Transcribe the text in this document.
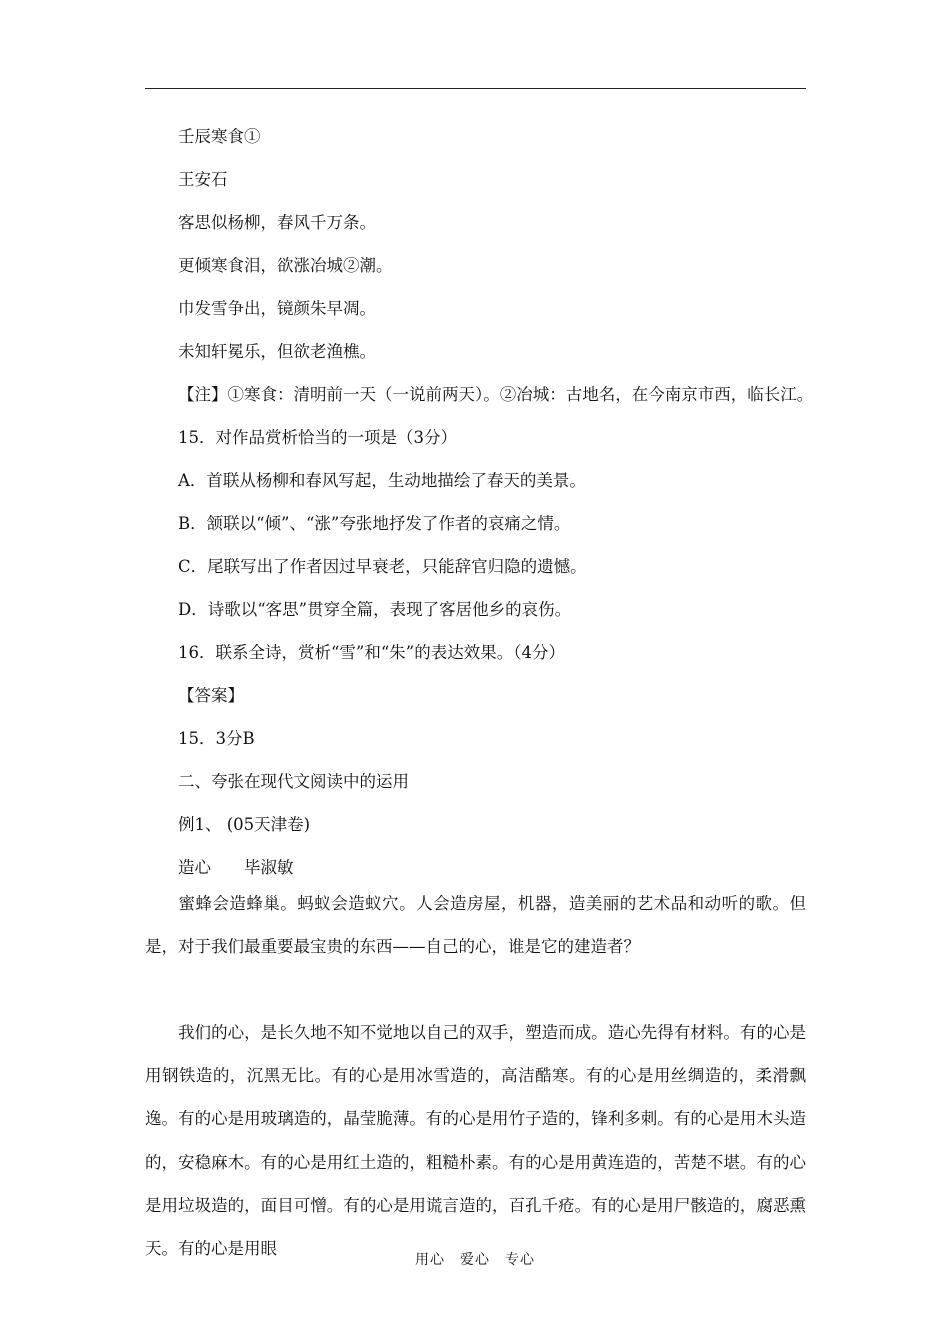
壬辰寒食①
王安石
客思似杨柳，春风千万条。
更倾寒食泪，欲涨冶城②潮。
巾发雪争出，镜颜朱早凋。
未知轩冕乐，但欲老渔樵。
【注】①寒食：清明前一天（一说前两天）。②冶城：古地名，在今南京市西，临长江。
15．对作品赏析恰当的一项是（3分）
A．首联从杨柳和春风写起，生动地描绘了春天的美景。
B．颔联以“倾”、“涨”夸张地抒发了作者的哀痛之情。
C．尾联写出了作者因过早衰老，只能辞官归隐的遗憾。
D．诗歌以“客思”贯穿全篇，表现了客居他乡的哀伤。
16．联系全诗，赏析“雪”和“朱”的表达效果。（4分）
【答案】
15．3分B
二、夸张在现代文阅读中的运用
例1、 (05天津卷)
造心　　毕淑敏
蜜蜂会造蜂巢。蚂蚁会造蚁穴。人会造房屋，机器，造美丽的艺术品和动听的歌。但是，对于我们最重要最宝贵的东西——自己的心，谁是它的建造者？
我们的心，是长久地不知不觉地以自己的双手，塑造而成。造心先得有材料。有的心是用钢铁造的，沉黑无比。有的心是用冰雪造的，高洁酷寒。有的心是用丝绸造的，柔滑飘逸。有的心是用玻璃造的，晶莹脆薄。有的心是用竹子造的，锋利多刺。有的心是用木头造的，安稳麻木。有的心是用红土造的，粗糙朴素。有的心是用黄连造的，苦楚不堪。有的心是用垃圾造的，面目可憎。有的心是用谎言造的，百孔千疮。有的心是用尸骸造的，腐恶熏天。有的心是用眼
用心　爱心　专心
